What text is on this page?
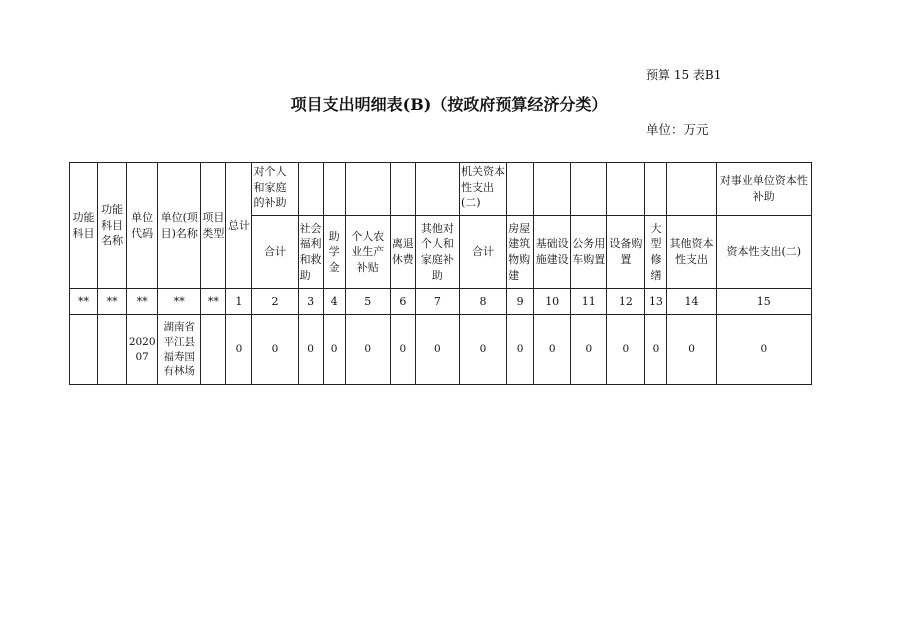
预算 15 表B1
项目支出明细表(B)（按政府预算经济分类）
单位：万元
功能科目	功能科目名称	单位代码	单位(项目)名称	项目类型	总计	对个人和家庭的补助						机关资本性支出(二)							对事业单位资本性补助
						合计	社会福利和救助	助学金	个人农业生产补贴	离退休费	其他对个人和家庭补助	合计	房屋建筑物购建	基础设施建设	公务用车购置	设备购置	大型修缮	其他资本性支出	资本性支出(二)
**	**	**	**	**	1	2	3	4	5	6	7	8	9	10	11	12	13	14	15
		202007	湖南省平江县福寿国有林场		0	0	0	0	0	0	0	0	0	0	0	0	0	0	0
